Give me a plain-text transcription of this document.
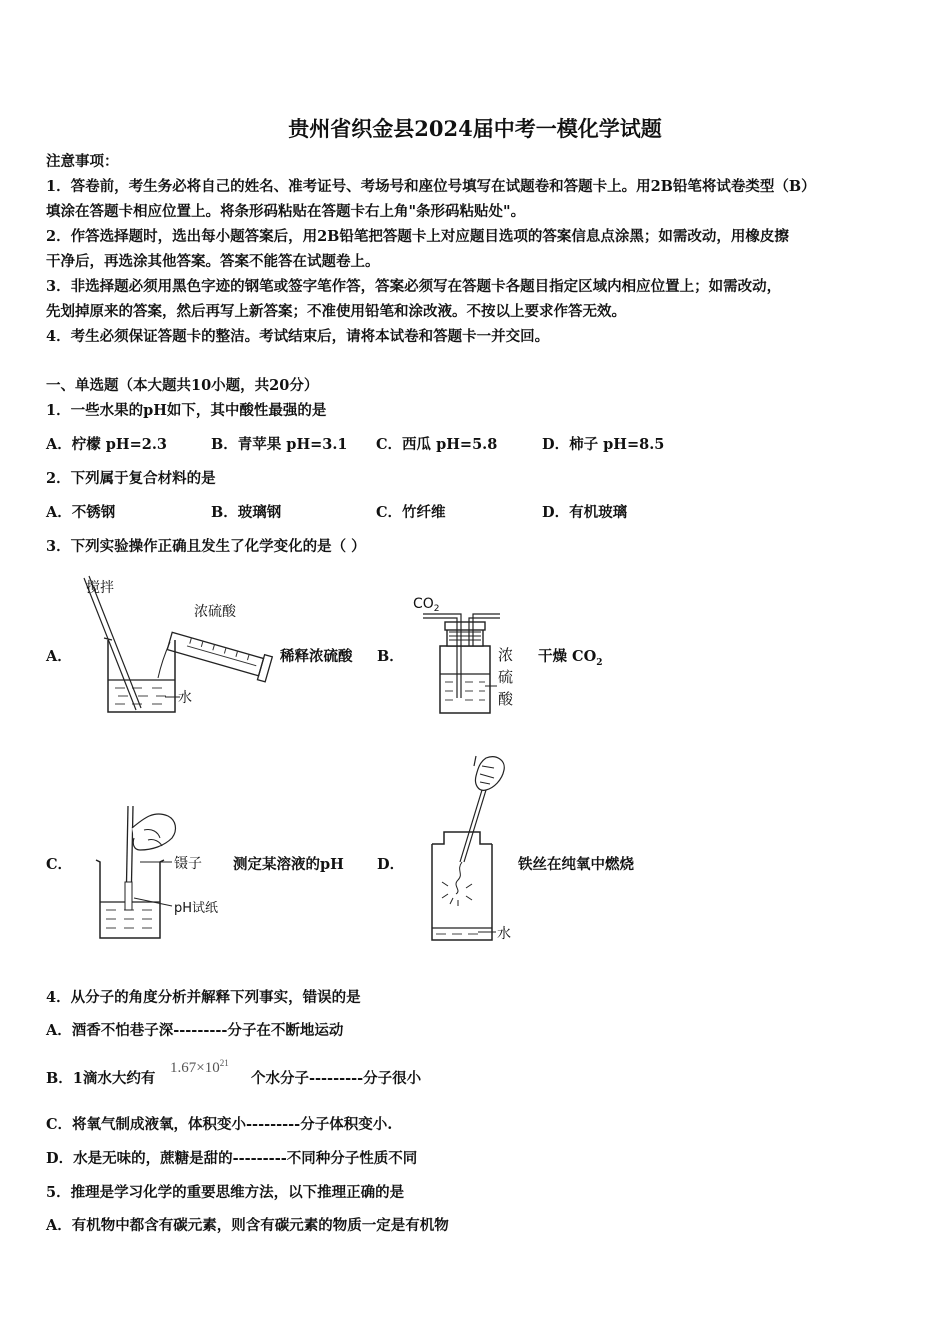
贵州省织金县2024届中考一模化学试题
注意事项：
1．答卷前，考生务必将自己的姓名、准考证号、考场号和座位号填写在试题卷和答题卡上。用2B铅笔将试卷类型（B）
填涂在答题卡相应位置上。将条形码粘贴在答题卡右上角"条形码粘贴处"。
2．作答选择题时，选出每小题答案后，用2B铅笔把答题卡上对应题目选项的答案信息点涂黑；如需改动，用橡皮擦
干净后，再选涂其他答案。答案不能答在试题卷上。
3．非选择题必须用黑色字迹的钢笔或签字笔作答，答案必须写在答题卡各题目指定区域内相应位置上；如需改动，
先划掉原来的答案，然后再写上新答案；不准使用铅笔和涂改液。不按以上要求作答无效。
4．考生必须保证答题卡的整洁。考试结束后，请将本试卷和答题卡一并交回。
一、单选题（本大题共10小题，共20分）
1．一些水果的pH如下，其中酸性最强的是
A．柠檬 pH=2.3	B．青苹果 pH=3.1 C．西瓜 pH=5.8	D．柿子 pH=8.5
2．下列属于复合材料的是
A．不锈钢	B．玻璃钢	C．竹纤维	D．有机玻璃
3．下列实验操作正确且发生了化学变化的是（ ）
A．
搅拌
浓硫酸
水
稀释浓硫酸 B．
$CO_2$
浓
硫
酸
干燥 $CO_2$
C．	镊子
pH试纸
测定某溶液的pH D．
水
铁丝在纯氧中燃烧
4．从分子的角度分析并解释下列事实，错误的是
A．酒香不怕巷子深---------分子在不断地运动
B．1滴水大约有
$1.67\times 10^{21}$
个水分子---------分子很小
C．将氧气制成液氧，体积变小---------分子体积变小.
D．水是无味的，蔗糖是甜的---------不同种分子性质不同
5．推理是学习化学的重要思维方法，以下推理正确的是
A．有机物中都含有碳元素，则含有碳元素的物质一定是有机物
